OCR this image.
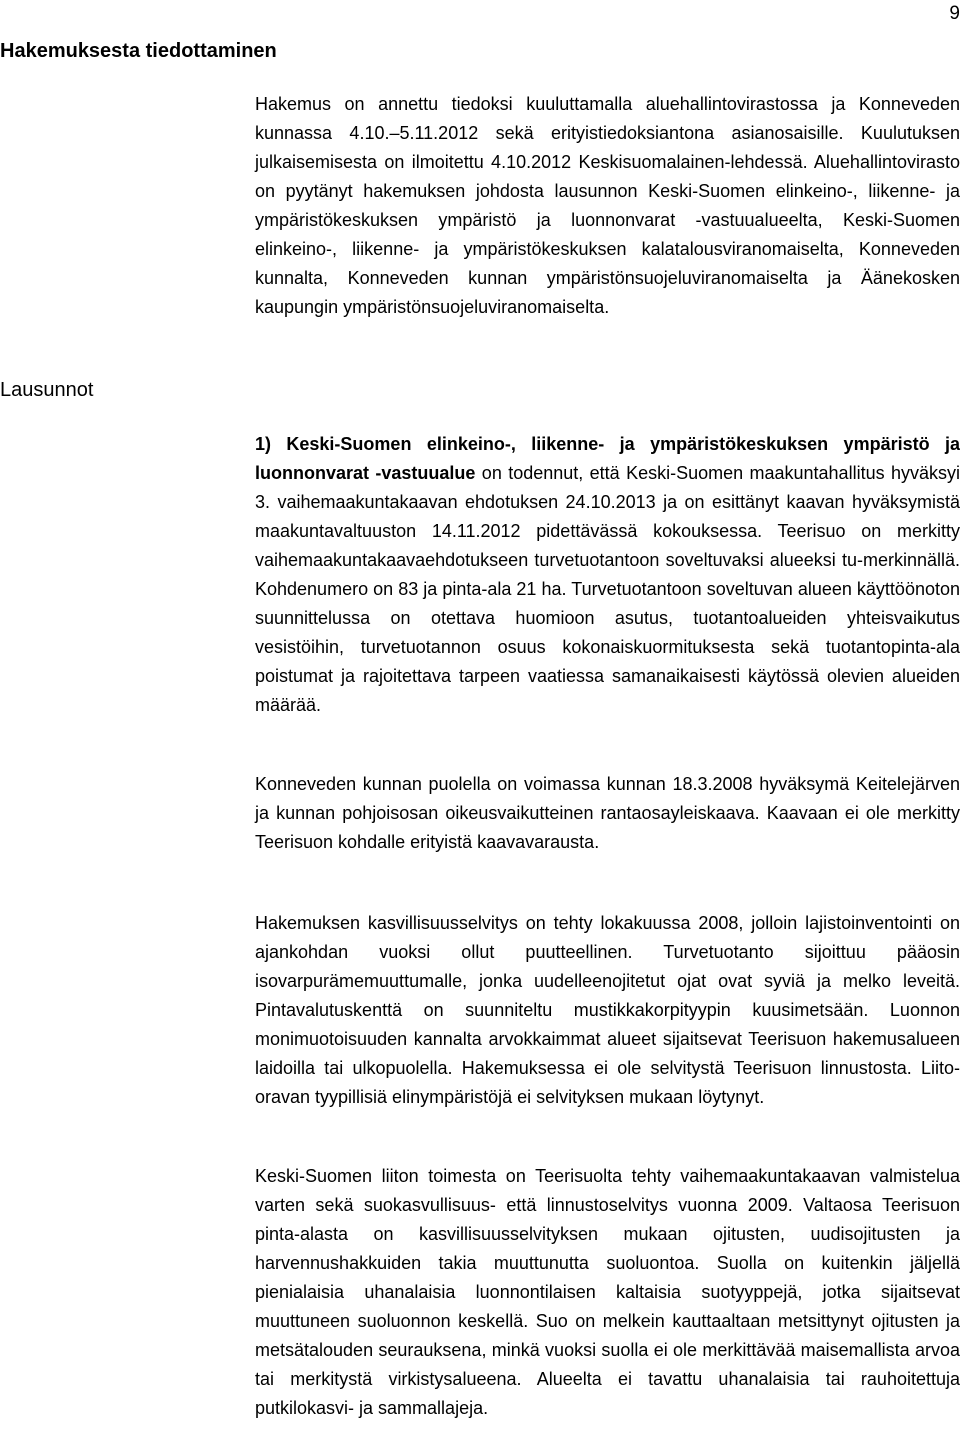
9
Hakemuksesta tiedottaminen

Hakemus on annettu tiedoksi kuuluttamalla aluehallintovirastossa ja Konneveden kunnassa 4.10.–5.11.2012 sekä erityistiedoksiantona asianosaisille. Kuulutuksen julkaisemisesta on ilmoitettu 4.10.2012 Keskisuomalainen-lehdessä. Aluehallintovirasto on pyytänyt hakemuksen johdosta lausunnon Keski-Suomen elinkeino-, liikenne- ja ympäristökeskuksen ympäristö ja luonnonvarat -vastuualueelta, Keski-Suomen elinkeino-, liikenne- ja ympäristökeskuksen kalatalousviranomaiselta, Konneveden kunnalta, Konneveden kunnan ympäristönsuojeluviranomaiselta ja Äänekosken kaupungin ympäristönsuojeluviranomaiselta.

Lausunnot

1) Keski-Suomen elinkeino-, liikenne- ja ympäristökeskuksen ympäristö ja luonnonvarat -vastuualue on todennut, että Keski-Suomen maakuntahallitus hyväksyi 3. vaihemaakuntakaavan ehdotuksen 24.10.2013 ja on esittänyt kaavan hyväksymistä maakuntavaltuuston 14.11.2012 pidettävässä kokouksessa. Teerisuo on merkitty vaihemaakuntakaavaehdotukseen turvetuotantoon soveltuvaksi alueeksi tu-merkinnällä. Kohdenumero on 83 ja pinta-ala 21 ha. Turvetuotantoon soveltuvan alueen käyttöönoton suunnittelussa on otettava huomioon asutus, tuotantoalueiden yhteisvaikutus vesistöihin, turvetuotannon osuus kokonaiskuormituksesta sekä tuotantopinta-ala poistumat ja rajoitettava tarpeen vaatiessa samanaikaisesti käytössä olevien alueiden määrää.

Konneveden kunnan puolella on voimassa kunnan 18.3.2008 hyväksymä Keitelejärven ja kunnan pohjoisosan oikeusvaikutteinen rantaosayleiskaava. Kaavaan ei ole merkitty Teerisuon kohdalle erityistä kaavavarausta.

Hakemuksen kasvillisuusselvitys on tehty lokakuussa 2008, jolloin lajistoinventointi on ajankohdan vuoksi ollut puutteellinen. Turvetuotanto sijoittuu pääosin isovarpurämemuuttumalle, jonka uudelleenojitetut ojat ovat syviä ja melko leveitä. Pintavalutuskenttä on suunniteltu mustikkakorpityypin kuusimetsään. Luonnon monimuotoisuuden kannalta arvokkaimmat alueet sijaitsevat Teerisuon hakemusalueen laidoilla tai ulkopuolella. Hakemuksessa ei ole selvitystä Teerisuon linnustosta. Liito-oravan tyypillisiä elinympäristöjä ei selvityksen mukaan löytynyt.

Keski-Suomen liiton toimesta on Teerisuolta tehty vaihemaakuntakaavan valmistelua varten sekä suokasvullisuus- että linnustoselvitys vuonna 2009. Valtaosa Teerisuon pinta-alasta on kasvillisuusselvityksen mukaan ojitusten, uudisojitusten ja harvennushakkuiden takia muuttunutta suoluontoa. Suolla on kuitenkin jäljellä pienialaisia uhanalaisia luonnontilaisen kaltaisia suotyyppejä, jotka sijaitsevat muuttuneen suoluonnon keskellä. Suo on melkein kauttaaltaan metsittynyt ojitusten ja metsätalouden seurauksena, minkä vuoksi suolla ei ole merkittävää maisemallista arvoa tai merkitystä virkistysalueena. Alueelta ei tavattu uhanalaisia tai rauhoitettuja putkilokasvi- ja sammallajeja.
